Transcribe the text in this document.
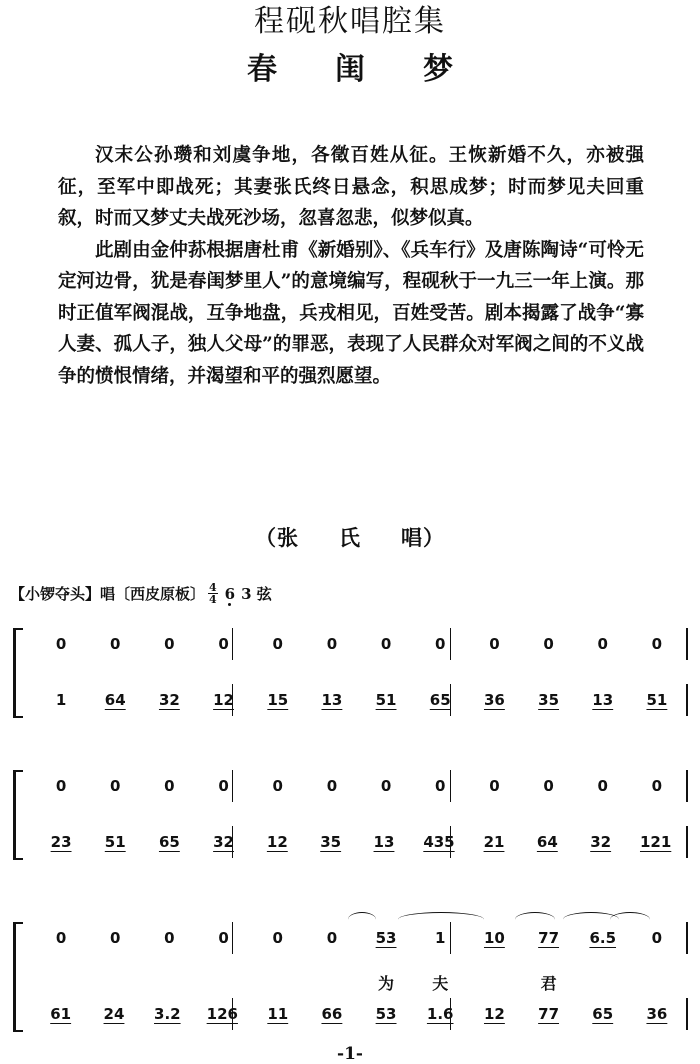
程砚秋唱腔集
春闺梦

汉末公孙瓒和刘虞争地，各徵百姓从征。王恢新婚不久，亦被强征，至军中即战死；其妻张氏终日悬念，积思成梦；时而梦见夫回重叙，时而又梦丈夫战死沙场，忽喜忽悲，似梦似真。

此剧由金仲荪根据唐杜甫《新婚别》、《兵车行》及唐陈陶诗“可怜无定河边骨，犹是春闺梦里人”的意境编写，程砚秋于一九三一年上演。那时正值军阀混战，互争地盘，兵戎相见，百姓受苦。剧本揭露了战争“寡人妻、孤人子，独人父母”的罪恶，表现了人民群众对军阀之间的不义战争的愤恨情绪，并渴望和平的强烈愿望。

（张 氏 唱）
【小锣夺头】唱〔西皮原板〕 $\frac{4}{4} 6$ 3 弦
0	0	0	0	0	0	0	0	0	0	0	0
1	64 32 12 15 13 51 65 36 35 13 51
0	0	0	0	0	0	0	0	0	0	0	0
23 51 65 32 12 35 13 435 21 64 32 121
0	0	0	0	0	0	53	1	10 77 6.5	0
61 24 3.2 126 11 66 53 1.6 12 77 65 36
为	夫	君
-1-
